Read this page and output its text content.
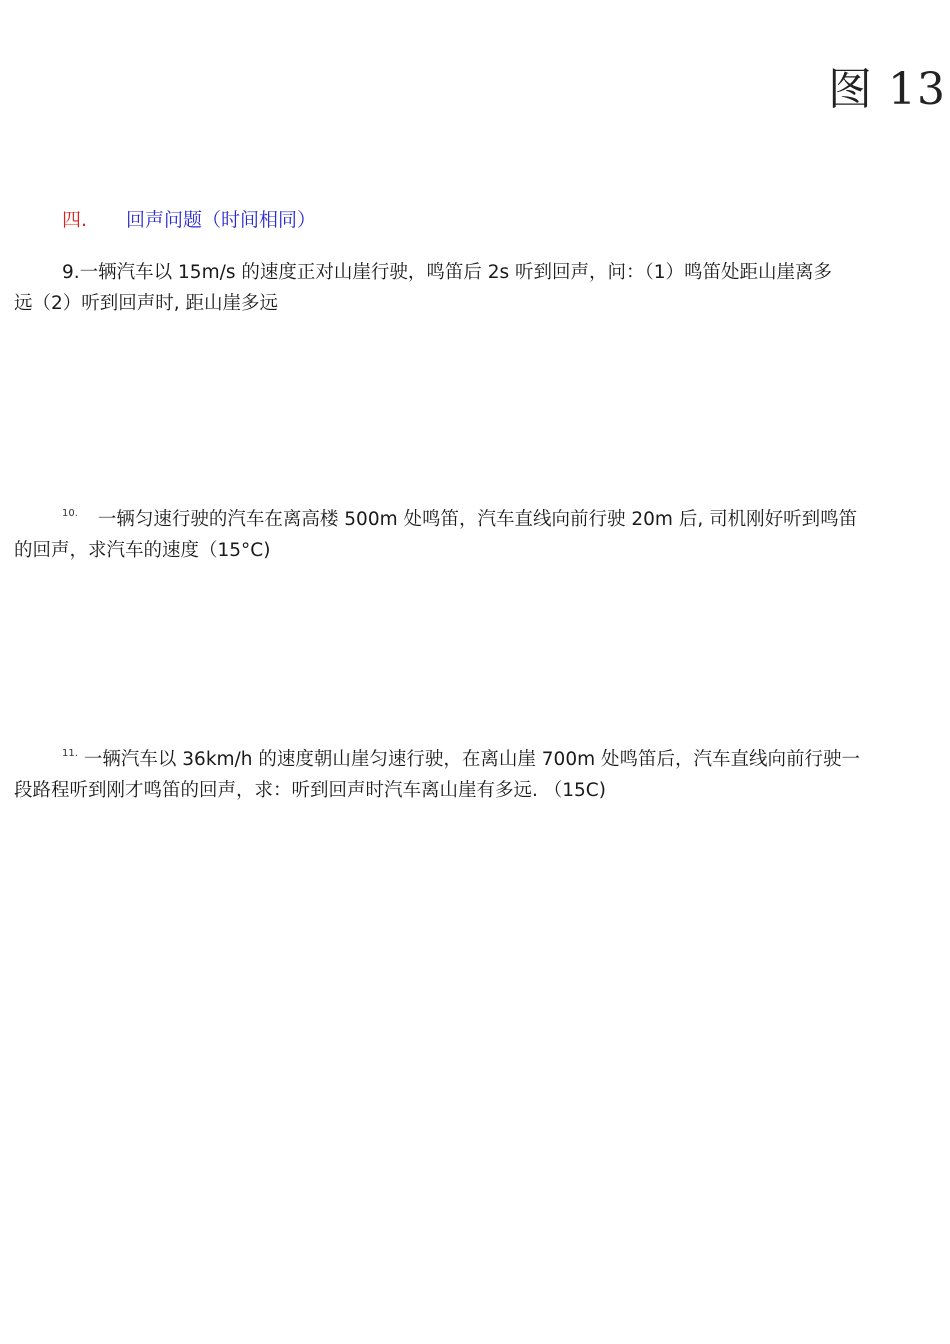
图 13
四. 回声问题（时间相同）

9.一辆汽车以 15m/s 的速度正对山崖行驶，鸣笛后 2s 听到回声，问：（1）鸣笛处距山崖离多

远（2）听到回声时, 距山崖多远

$^{10.}$ 一辆匀速行驶的汽车在离高楼 500m 处鸣笛，汽车直线向前行驶 20m 后, 司机刚好听到鸣笛

的回声，求汽车的速度（15°C)

$^{11.}$ 一辆汽车以 36km/h 的速度朝山崖匀速行驶，在离山崖 700m 处鸣笛后，汽车直线向前行驶一

段路程听到刚才鸣笛的回声，求：听到回声时汽车离山崖有多远. （15C)
